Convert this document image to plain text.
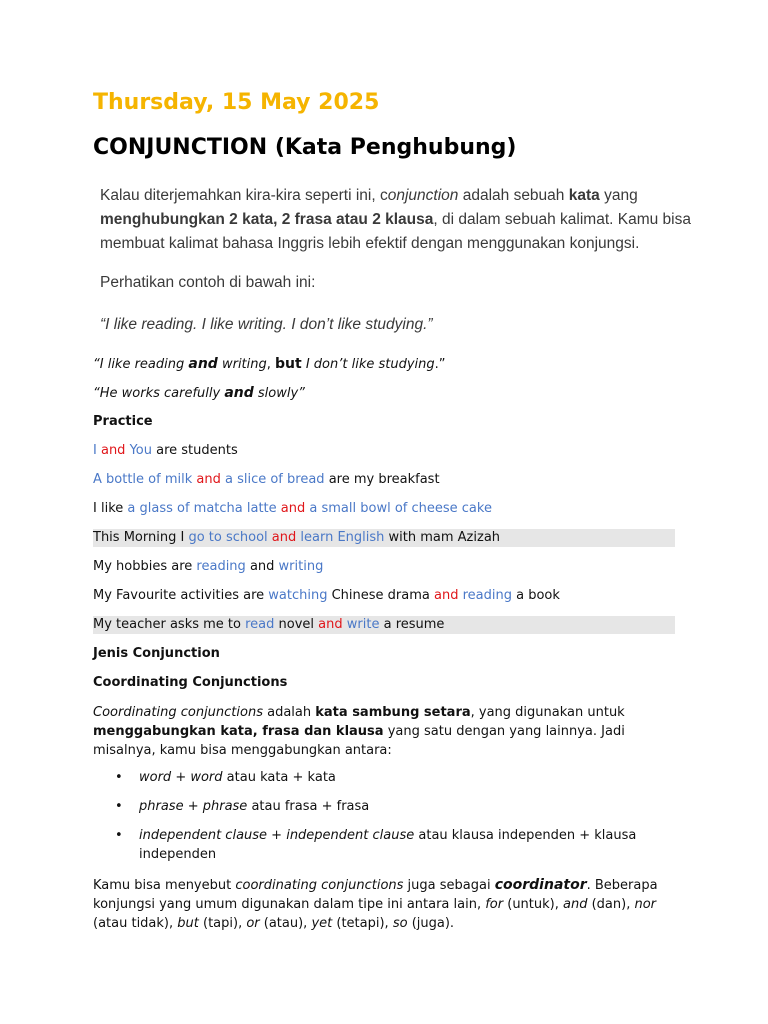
Thursday, 15 May 2025
CONJUNCTION (Kata Penghubung)
Kalau diterjemahkan kira-kira seperti ini, conjunction adalah sebuah kata yang menghubungkan 2 kata, 2 frasa atau 2 klausa, di dalam sebuah kalimat. Kamu bisa membuat kalimat bahasa Inggris lebih efektif dengan menggunakan konjungsi.
Perhatikan contoh di bawah ini:
“I like reading. I like writing. I don’t like studying.”
“I like reading and writing, but I don’t like studying.”
“He works carefully and slowly”
Practice
I and You are students
A bottle of milk and a slice of bread are my breakfast
I like a glass of matcha latte and a small bowl of cheese cake
This Morning I go to school and learn English with mam Azizah
My hobbies are reading and writing
My Favourite activities are watching Chinese drama and reading a book
My teacher asks me to read novel and write a resume
Jenis Conjunction
Coordinating Conjunctions
Coordinating conjunctions adalah kata sambung setara, yang digunakan untuk menggabungkan kata, frasa dan klausa yang satu dengan yang lainnya. Jadi misalnya, kamu bisa menggabungkan antara:
• word + word atau kata + kata
• phrase + phrase atau frasa + frasa
• independent clause + independent clause atau klausa independen + klausa independen
Kamu bisa menyebut coordinating conjunctions juga sebagai coordinator. Beberapa konjungsi yang umum digunakan dalam tipe ini antara lain, for (untuk), and (dan), nor (atau tidak), but (tapi), or (atau), yet (tetapi), so (juga).
